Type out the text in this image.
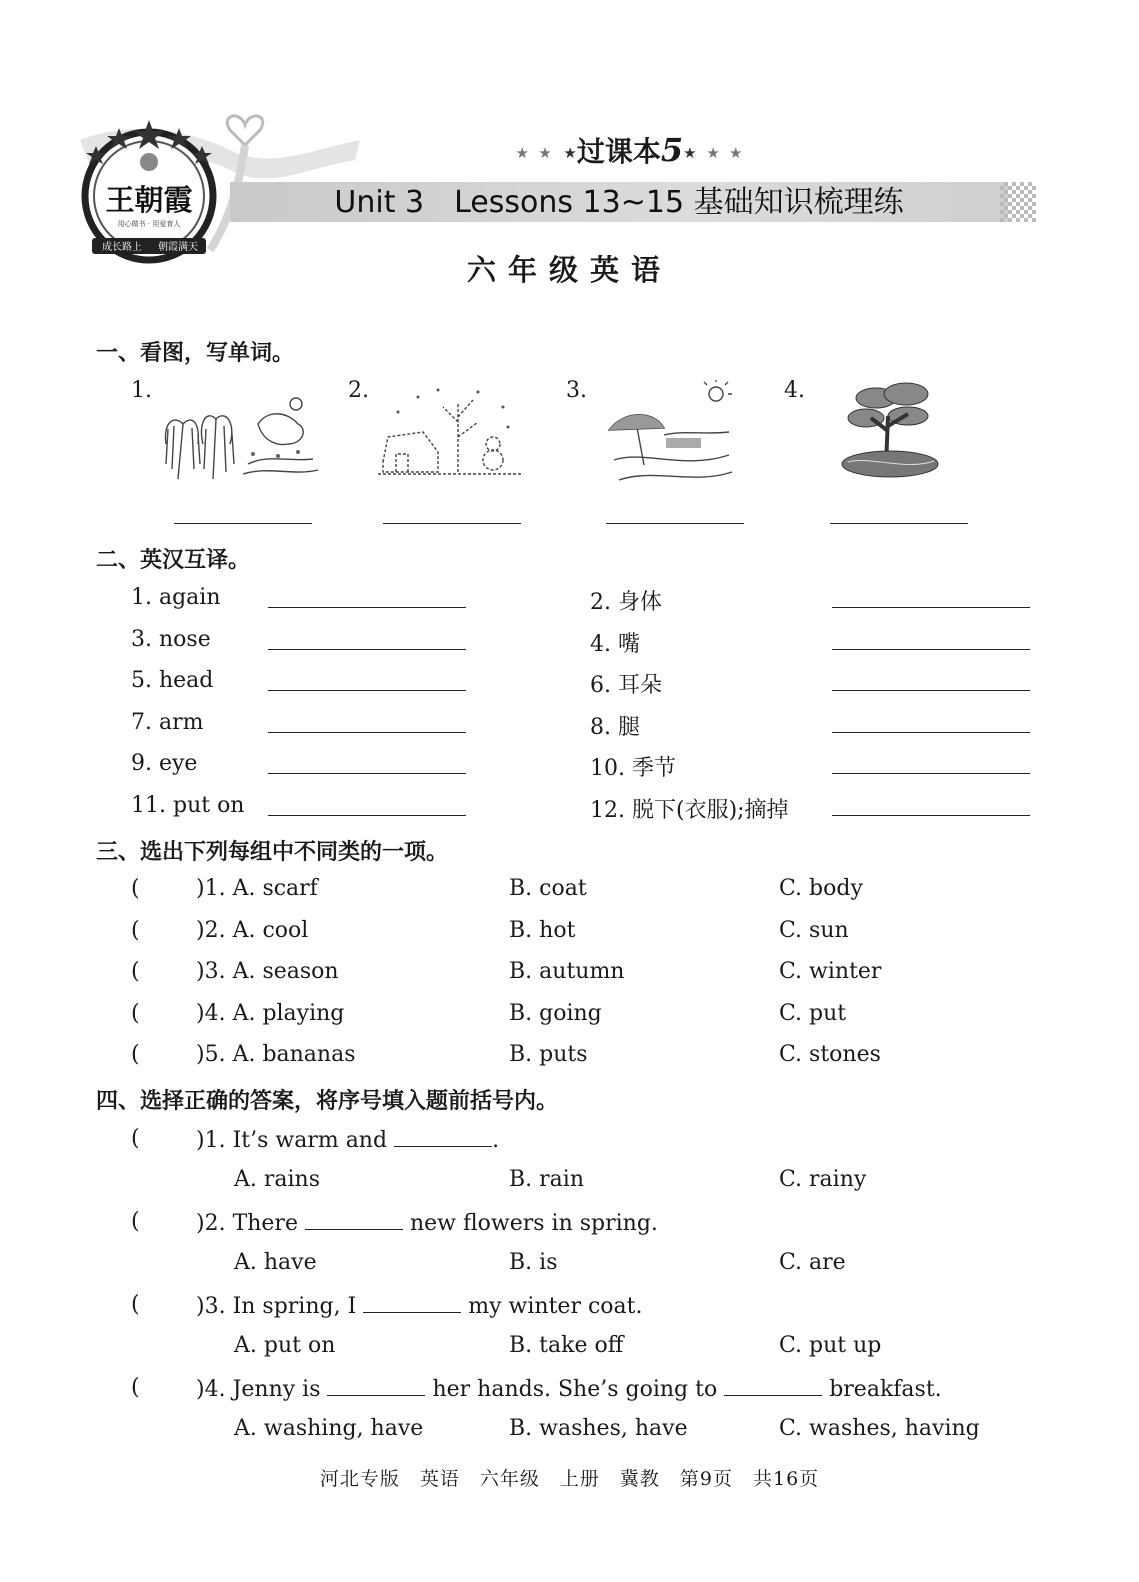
王朝霞
用心做书 · 用爱育人
成长路上 朝霞满天
★ ★ ★过课本5★ ★ ★
Unit 3　Lessons 13~15 基础知识梳理练
六年级英语
一、看图，写单词。
1.	2.	3.	4.
二、英汉互译。
1. again
3. nose
5. head
7. arm
9. eye
11. put on
2. 身体
4. 嘴
6. 耳朵
8. 腿
10. 季节
12. 脱下(衣服);摘掉
三、选出下列每组中不同类的一项。
(	)1. A. scarf	B. coat	C. body
(	)2. A. cool	B. hot	C. sun
(	)3. A. season	B. autumn	C. winter
(	)4. A. playing	B. going	C. put
(	)5. A. bananas	B. puts	C. stones
四、选择正确的答案，将序号填入题前括号内。
(	)1. It’s warm and	.
A. rains	B. rain	C. rainy
(	)2. There	new flowers in spring.
A. have	B. is	C. are
(	)3. In spring, I	my winter coat.
A. put on	B. take off	C. put up
(	)4. Jenny is	her hands. She’s going to	breakfast.
A. washing, have	B. washes, have	C. washes, having
河北专版 英语 六年级 上册 冀教 第9页 共16页
